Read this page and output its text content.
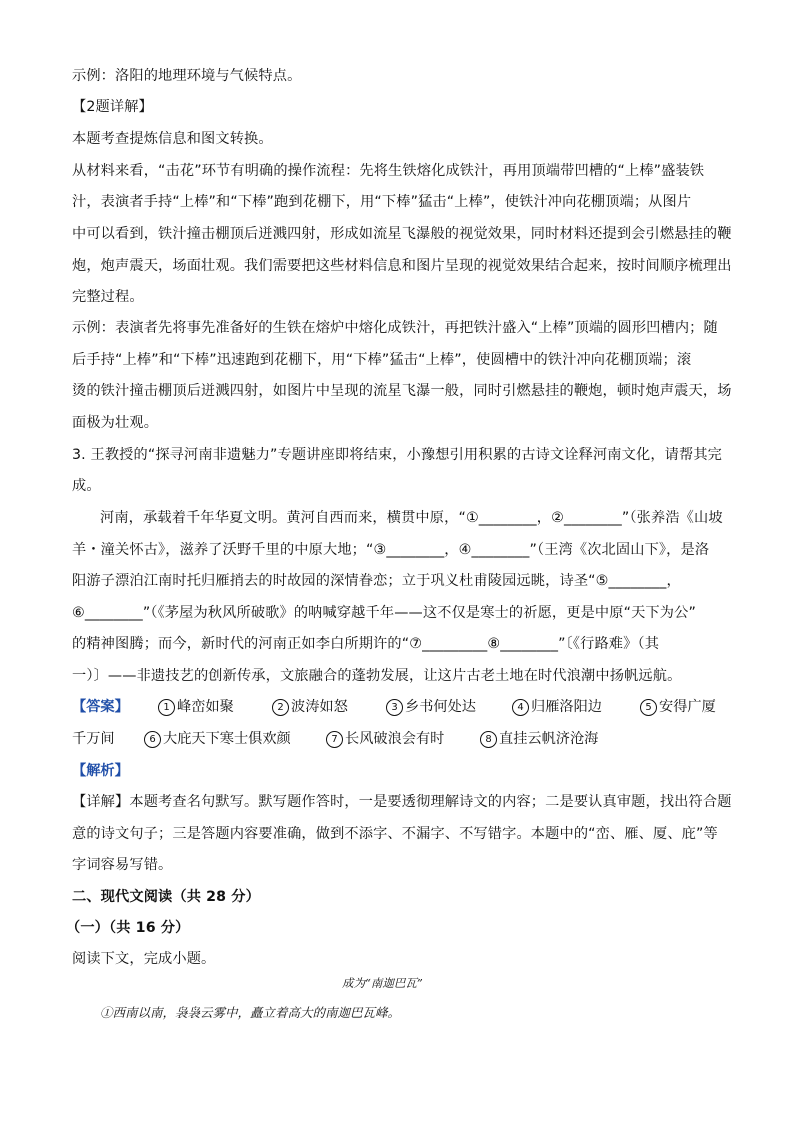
示例：洛阳的地理环境与气候特点。
【2题详解】
本题考查提炼信息和图文转换。
从材料来看，“击花”环节有明确的操作流程：先将生铁熔化成铁汁，再用顶端带凹槽的“上棒”盛装铁
汁，表演者手持“上棒”和“下棒”跑到花棚下，用“下棒”猛击“上棒”，使铁汁冲向花棚顶端；从图片
中可以看到，铁汁撞击棚顶后迸溅四射，形成如流星飞瀑般的视觉效果，同时材料还提到会引燃悬挂的鞭
炮，炮声震天，场面壮观。我们需要把这些材料信息和图片呈现的视觉效果结合起来，按时间顺序梳理出
完整过程。
示例：表演者先将事先准备好的生铁在熔炉中熔化成铁汁，再把铁汁盛入“上棒”顶端的圆形凹槽内；随
后手持“上棒”和“下棒”迅速跑到花棚下，用“下棒”猛击“上棒”，使圆槽中的铁汁冲向花棚顶端；滚
烫的铁汁撞击棚顶后迸溅四射，如图片中呈现的流星飞瀑一般，同时引燃悬挂的鞭炮，顿时炮声震天，场
面极为壮观。
3. 王教授的“探寻河南非遗魅力”专题讲座即将结束，小豫想引用积累的古诗文诠释河南文化，请帮其完
成。
河南，承载着千年华夏文明。黄河自西而来，横贯中原，“①________，②________”（张养浩《山坡
羊・潼关怀古》，滋养了沃野千里的中原大地；“③________，④________”（王湾《次北固山下》，是洛
阳游子漂泊江南时托归雁捎去的时故园的深情眷恋；立于巩义杜甫陵园远眺，诗圣“⑤________，
⑥________”（《茅屋为秋风所破歌》的呐喊穿越千年——这不仅是寒士的祈愿，更是中原“天下为公”
的精神图腾；而今，新时代的河南正如李白所期许的“⑦_________⑧________”〔《行路难》（其
一）〕——非遗技艺的创新传承，文旅融合的蓬勃发展，让这片古老土地在时代浪潮中扬帆远航。
【答案】	1 峰峦如聚	2 波涛如怒	3 乡书何处达	4 归雁洛阳边	5 安得广厦
千万间	6 大庇天下寒士俱欢颜	7 长风破浪会有时	8 直挂云帆济沧海
【解析】
【详解】本题考查名句默写。默写题作答时，一是要透彻理解诗文的内容；二是要认真审题，找出符合题
意的诗文句子；三是答题内容要准确，做到不添字、不漏字、不写错字。本题中的“峦、雁、厦、庇”等
字词容易写错。
二、现代文阅读（共 28 分）
（一）（共 16 分）
阅读下文，完成小题。
成为“南迦巴瓦”
①西南以南，袅袅云雾中，矗立着高大的南迦巴瓦峰。
